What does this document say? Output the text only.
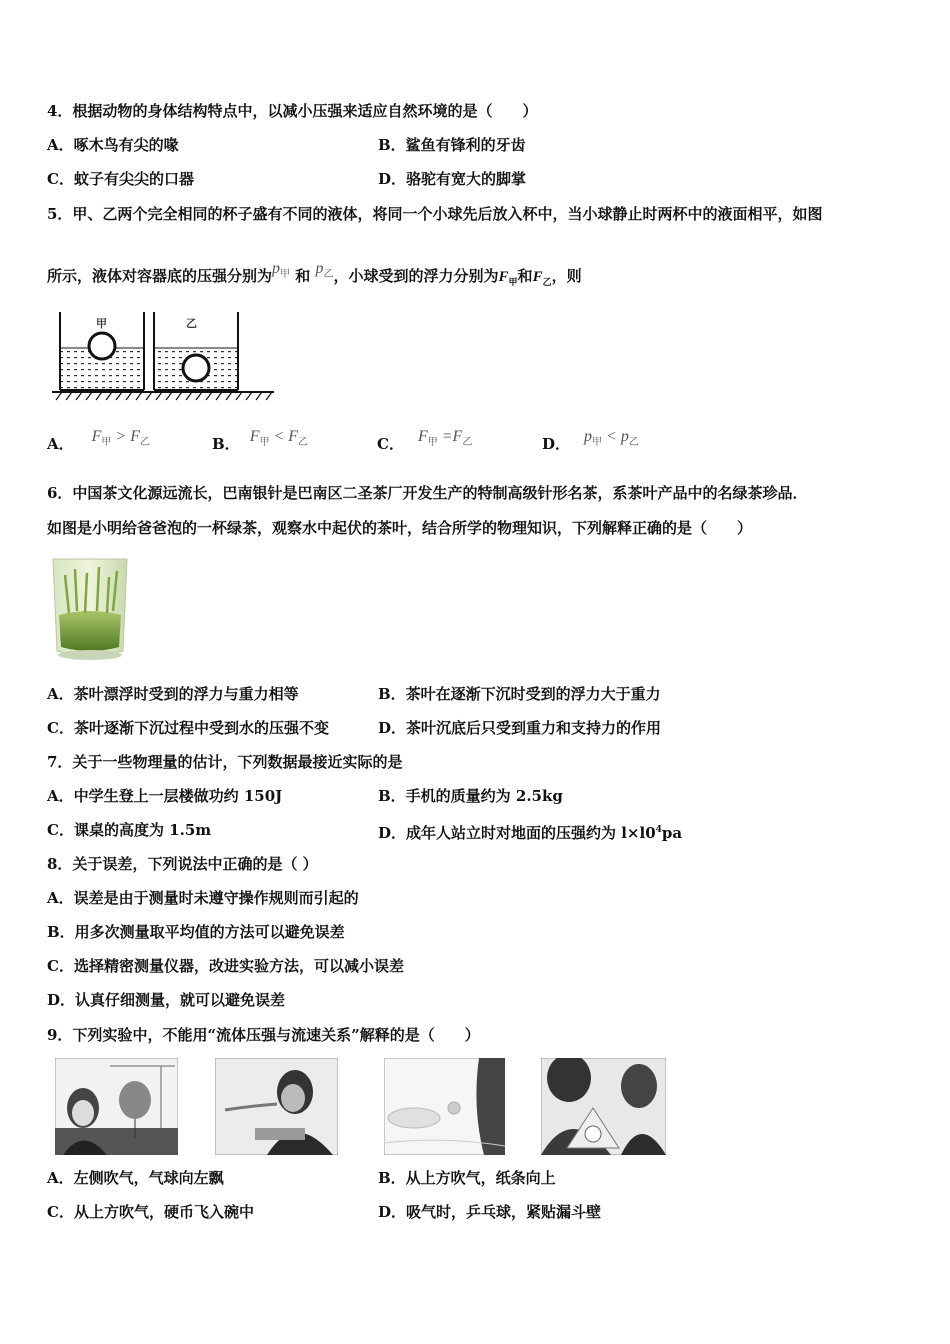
4．根据动物的身体结构特点中，以减小压强来适应自然环境的是（　　）
A．啄木鸟有尖的喙	B．鲨鱼有锋利的牙齿
C．蚊子有尖尖的口器	D．骆驼有宽大的脚掌
5．甲、乙两个完全相同的杯子盛有不同的液体，将同一个小球先后放入杯中，当小球静止时两杯中的液面相平，如图
所示，液体对容器底的压强分别为$p_甲$ 和 $p_乙$，小球受到的浮力分别为$F_甲$和$F_乙$，则
甲	乙
A． $F_甲 > F_乙$	B． $F_甲 < F_乙$	C． $F_甲 =F_乙$	D． $p_甲 < p_乙$
6．中国茶文化源远流长，巴南银针是巴南区二圣茶厂开发生产的特制高级针形名茶，系茶叶产品中的名绿茶珍品．
如图是小明给爸爸泡的一杯绿茶，观察水中起伏的茶叶，结合所学的物理知识，下列解释正确的是（　　）
A．茶叶漂浮时受到的浮力与重力相等	B．茶叶在逐渐下沉时受到的浮力大于重力
C．茶叶逐渐下沉过程中受到水的压强不变	D．茶叶沉底后只受到重力和支持力的作用
7．关于一些物理量的估计，下列数据最接近实际的是
A．中学生登上一层楼做功约 150J	B．手机的质量约为 2.5kg
C．课桌的高度为 1.5m	D．成年人站立时对地面的压强约为 $l\times l0^4pa$
8．关于误差，下列说法中正确的是（ ）
A．误差是由于测量时未遵守操作规则而引起的
B．用多次测量取平均值的方法可以避免误差
C．选择精密测量仪器，改进实验方法，可以减小误差
D．认真仔细测量，就可以避免误差
9．下列实验中，不能用“流体压强与流速关系”解释的是（　　）
A．左侧吹气，气球向左飘	B．从上方吹气，纸条向上
C．从上方吹气，硬币飞入碗中	D．吸气时，乒乓球，紧贴漏斗壁
